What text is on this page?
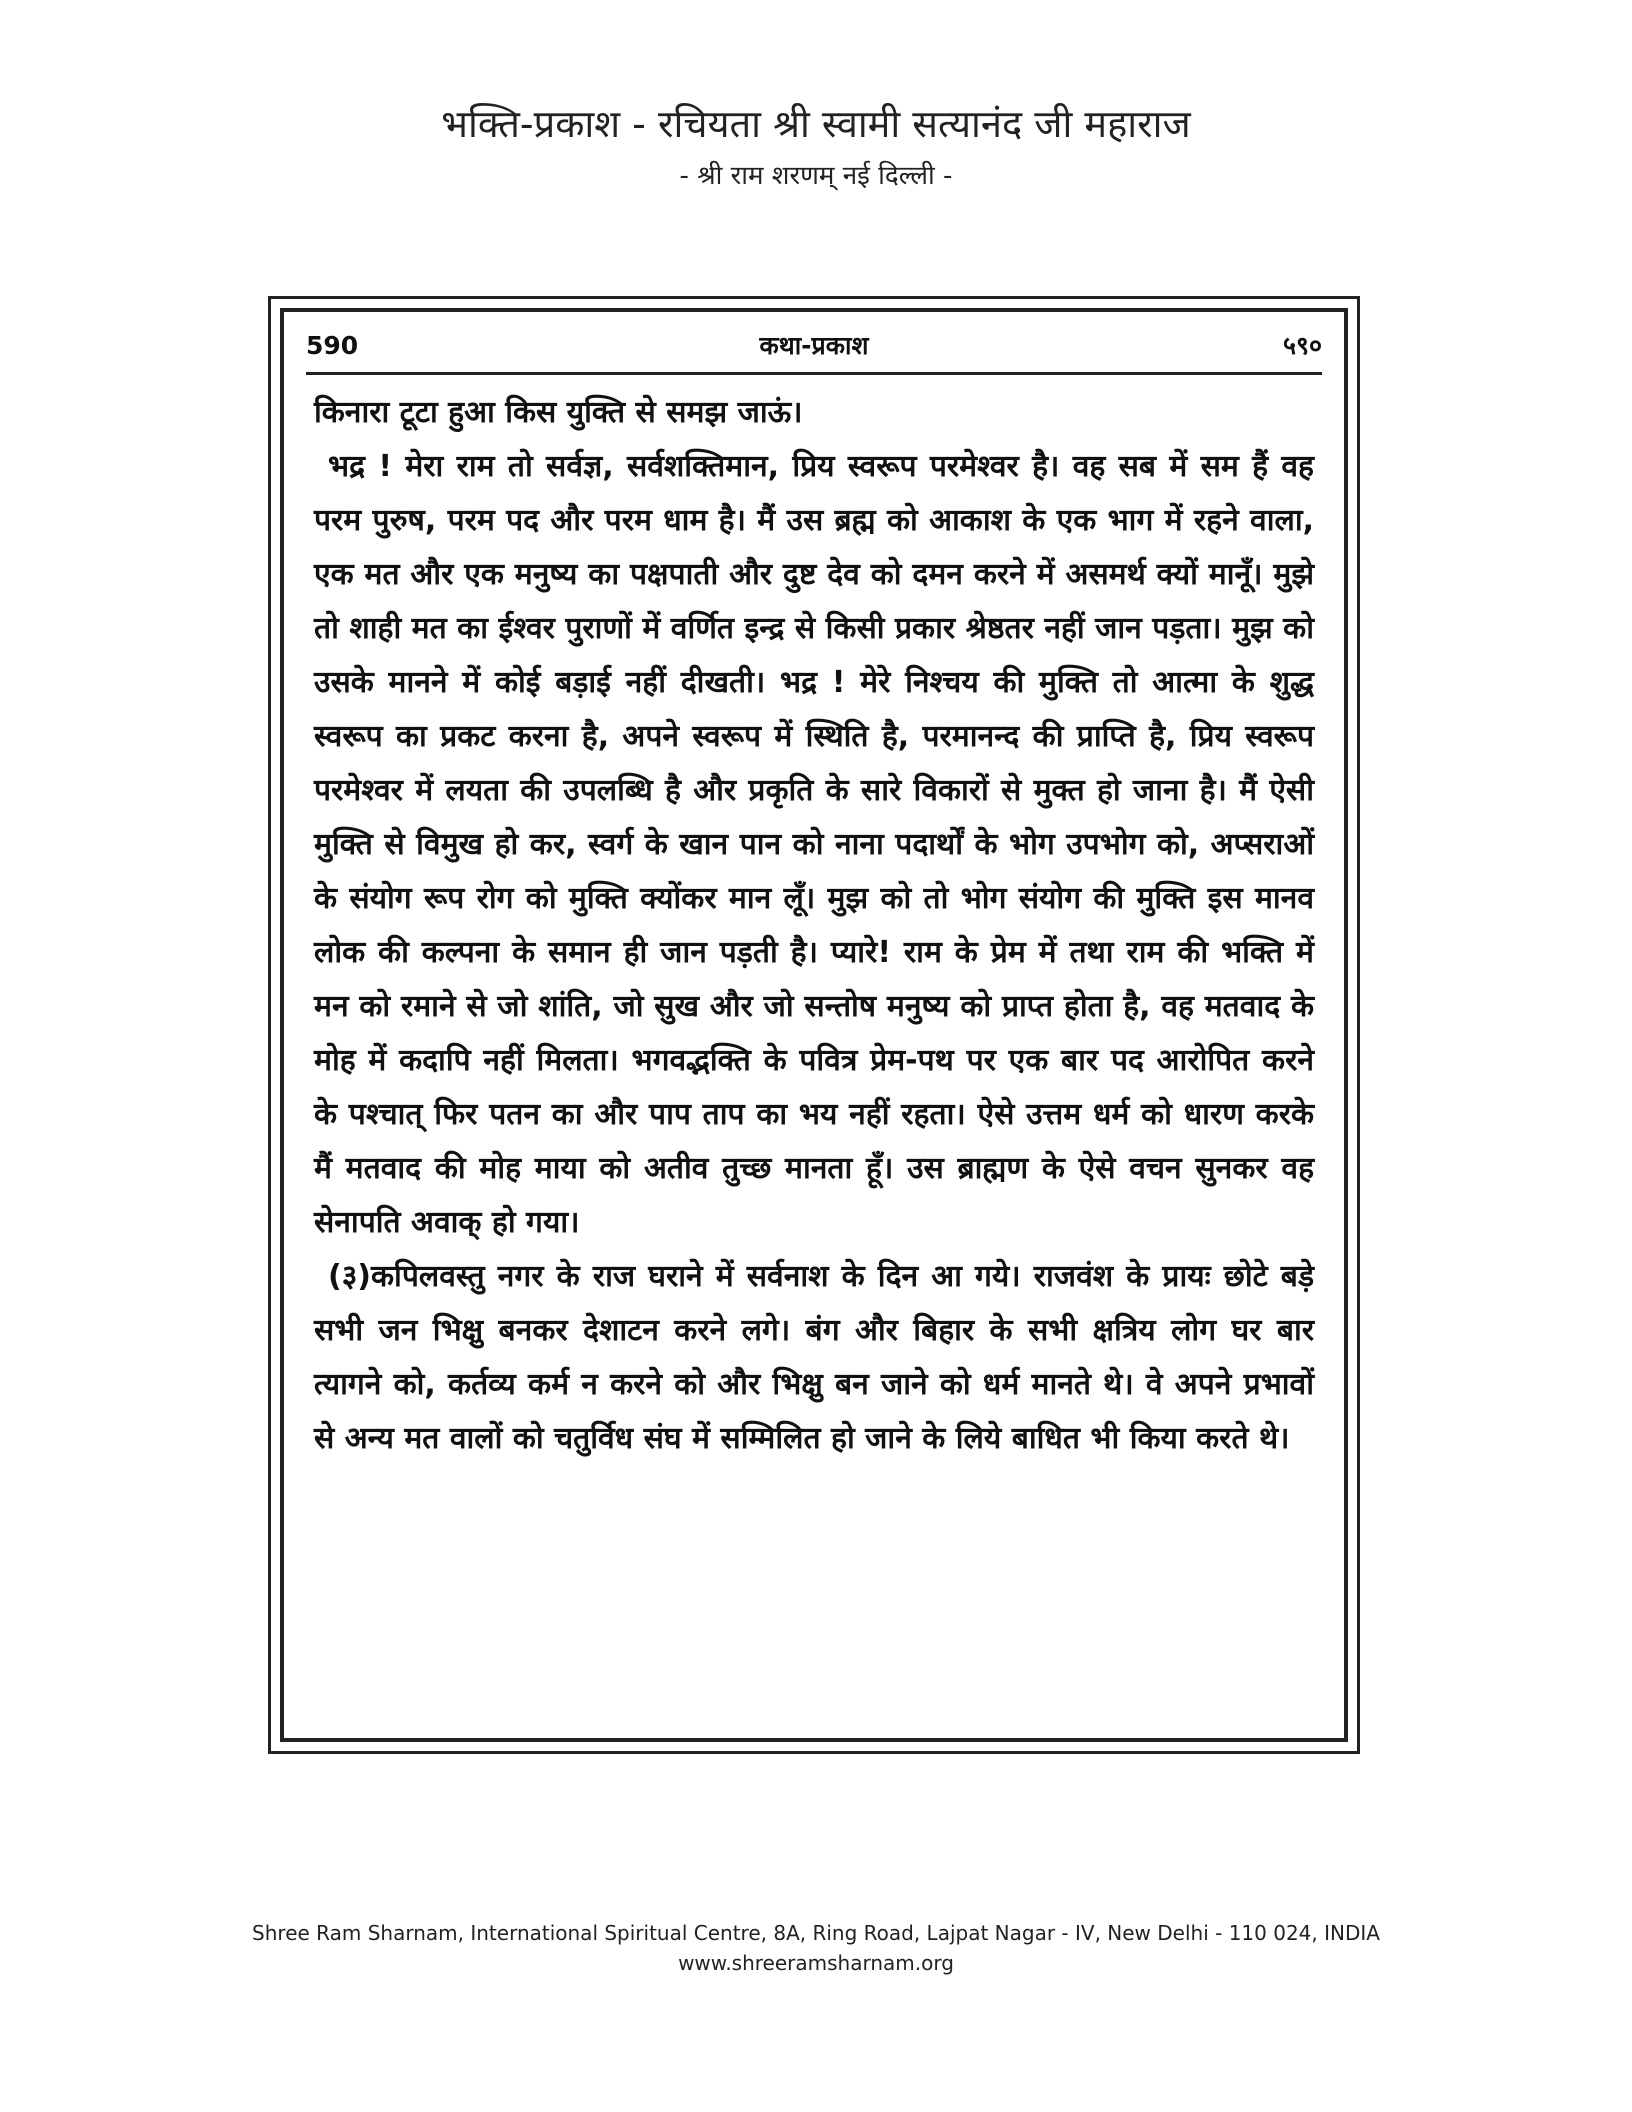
भक्ति-प्रकाश - रचियता श्री स्वामी सत्यानंद जी महाराज
- श्री राम शरणम् नई दिल्ली -
590	कथा-प्रकाश	५९०

किनारा टूटा हुआ किस युक्ति से समझ जाऊं।

भद्र ! मेरा राम तो सर्वज्ञ, सर्वशक्तिमान, प्रिय स्वरूप परमेश्वर है। वह सब में सम हैं वह परम पुरुष, परम पद और परम धाम है। मैं उस ब्रह्म को आकाश के एक भाग में रहने वाला, एक मत और एक मनुष्य का पक्षपाती और दुष्ट देव को दमन करने में असमर्थ क्यों मानूँ। मुझे तो शाही मत का ईश्वर पुराणों में वर्णित इन्द्र से किसी प्रकार श्रेष्ठतर नहीं जान पड़ता। मुझ को उसके मानने में कोई बड़ाई नहीं दीखती। भद्र ! मेरे निश्चय की मुक्ति तो आत्मा के शुद्ध स्वरूप का प्रकट करना है, अपने स्वरूप में स्थिति है, परमानन्द की प्राप्ति है, प्रिय स्वरूप परमेश्वर में लयता की उपलब्धि है और प्रकृति के सारे विकारों से मुक्त हो जाना है। मैं ऐसी मुक्ति से विमुख हो कर, स्वर्ग के खान पान को नाना पदार्थों के भोग उपभोग को, अप्सराओं के संयोग रूप रोग को मुक्ति क्योंकर मान लूँ। मुझ को तो भोग संयोग की मुक्ति इस मानव लोक की कल्पना के समान ही जान पड़ती है। प्यारे! राम के प्रेम में तथा राम की भक्ति में मन को रमाने से जो शांति, जो सुख और जो सन्तोष मनुष्य को प्राप्त होता है, वह मतवाद के मोह में कदापि नहीं मिलता। भगवद्भक्ति के पवित्र प्रेम-पथ पर एक बार पद आरोपित करने के पश्चात् फिर पतन का और पाप ताप का भय नहीं रहता। ऐसे उत्तम धर्म को धारण करके मैं मतवाद की मोह माया को अतीव तुच्छ मानता हूँ। उस ब्राह्मण के ऐसे वचन सुनकर वह सेनापति अवाक् हो गया।

(३)कपिलवस्तु नगर के राज घराने में सर्वनाश के दिन आ गये। राजवंश के प्रायः छोटे बड़े सभी जन भिक्षु बनकर देशाटन करने लगे। बंग और बिहार के सभी क्षत्रिय लोग घर बार त्यागने को, कर्तव्य कर्म न करने को और भिक्षु बन जाने को धर्म मानते थे। वे अपने प्रभावों से अन्य मत वालों को चतुर्विध संघ में सम्मिलित हो जाने के लिये बाधित भी किया करते थे।

Shree Ram Sharnam, International Spiritual Centre, 8A, Ring Road, Lajpat Nagar - IV, New Delhi - 110 024, INDIA
www.shreeramsharnam.org
